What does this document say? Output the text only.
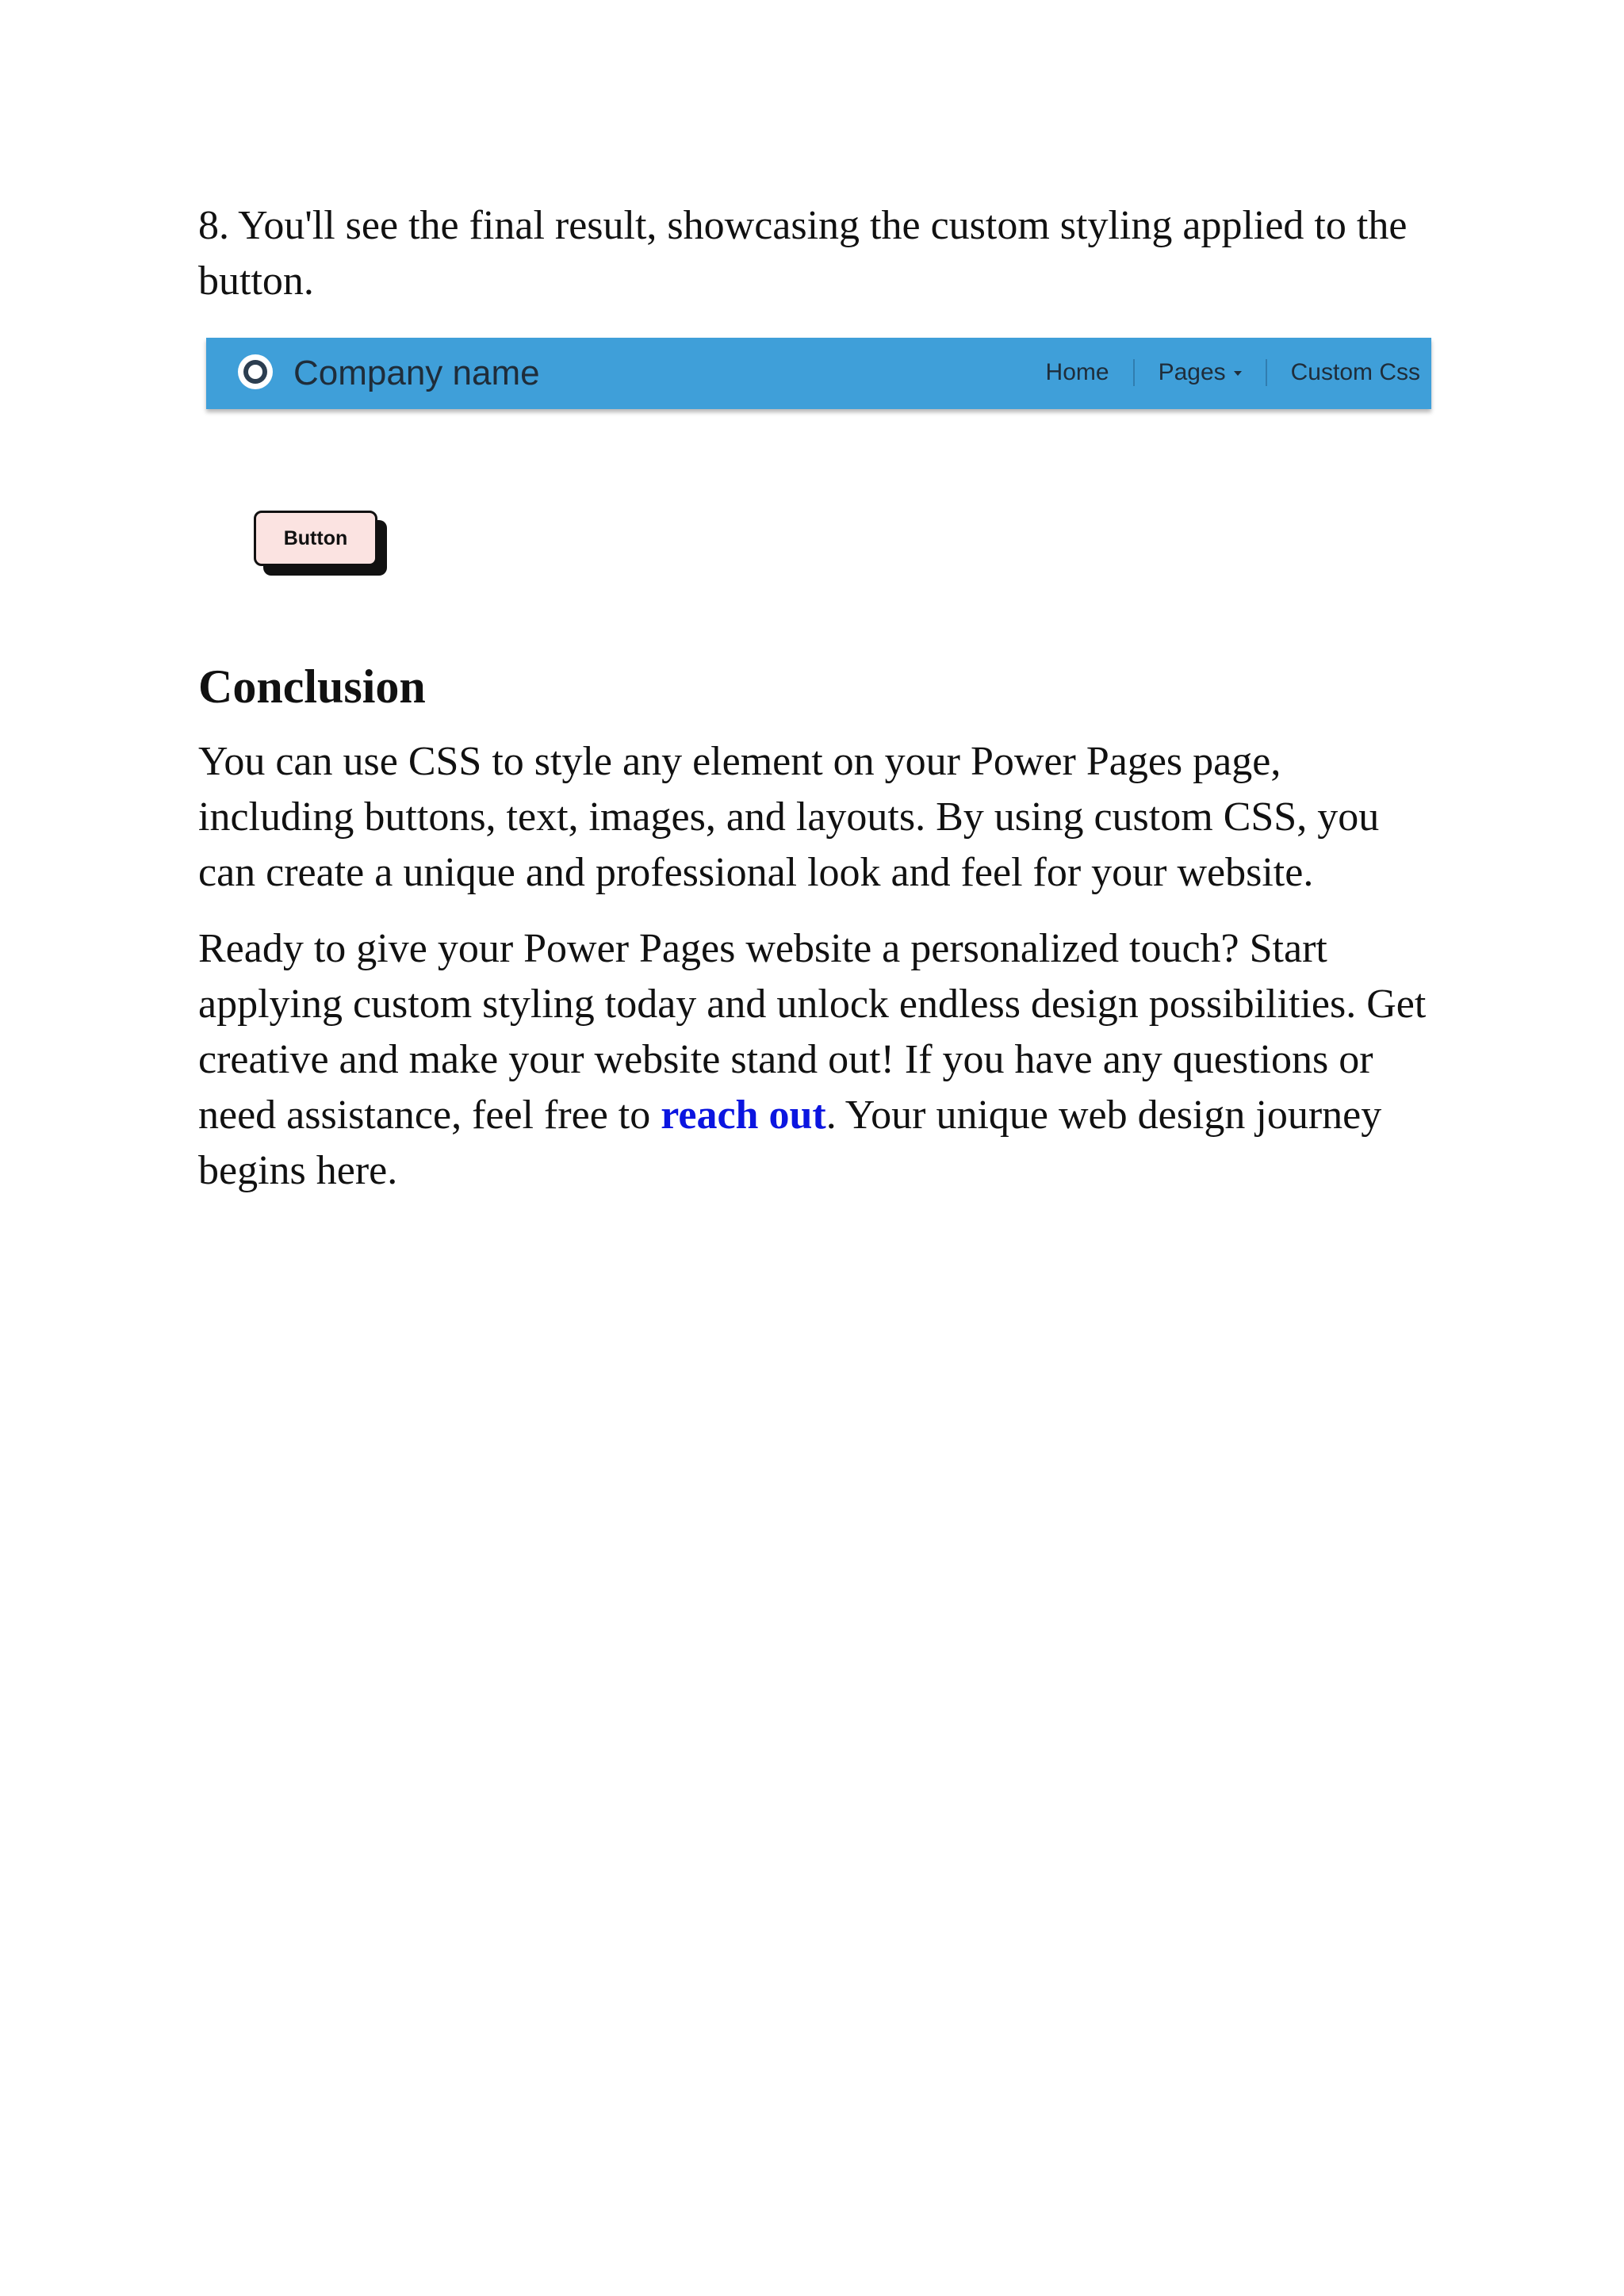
8. You'll see the final result, showcasing the custom styling applied to the button.

Company name	Home	Pages	Custom Css
Button
Conclusion

You can use CSS to style any element on your Power Pages page, including buttons, text, images, and layouts. By using custom CSS, you can create a unique and professional look and feel for your website.

Ready to give your Power Pages website a personalized touch? Start applying custom styling today and unlock endless design possibilities. Get creative and make your website stand out! If you have any questions or need assistance, feel free to reach out. Your unique web design journey begins here.
